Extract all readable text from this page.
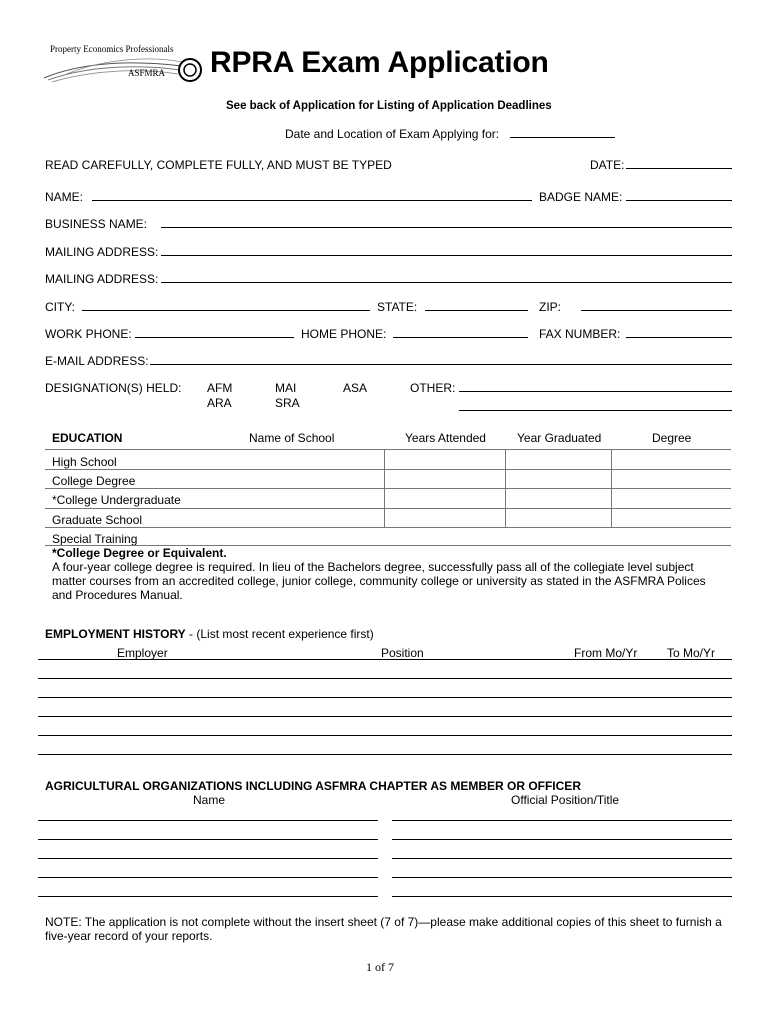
Property Economics Professionals
ASFMRA RPRA Exam Application
See back of Application for Listing of Application Deadlines
Date and Location of Exam Applying for:
READ CAREFULLY, COMPLETE FULLY, AND MUST BE TYPED	DATE:
NAME:	BADGE NAME:
BUSINESS NAME:
MAILING ADDRESS:
MAILING ADDRESS:
CITY:	STATE:	ZIP:
WORK PHONE:	HOME PHONE:	FAX NUMBER:
E-MAIL ADDRESS:
DESIGNATION(S) HELD: AFM	MAI	ASA
ARA	SRA
OTHER:
EDUCATION	Name of School	Years Attended	Year Graduated	Degree
High School
College Degree
*College Undergraduate
Graduate School
Special Training
*College Degree or Equivalent.
A four-year college degree is required. In lieu of the Bachelors degree, successfully pass all of the collegiate level subject matter courses from an accredited college, junior college, community college or university as stated in the ASFMRA Polices and Procedures Manual.
EMPLOYMENT HISTORY - (List most recent experience first)
Employer	Position	From Mo/Yr To Mo/Yr
AGRICULTURAL ORGANIZATIONS INCLUDING ASFMRA CHAPTER AS MEMBER OR OFFICER
Name	Official Position/Title
NOTE: The application is not complete without the insert sheet (7 of 7)—please make additional copies of this sheet to furnish a five-year record of your reports.
1 of 7
